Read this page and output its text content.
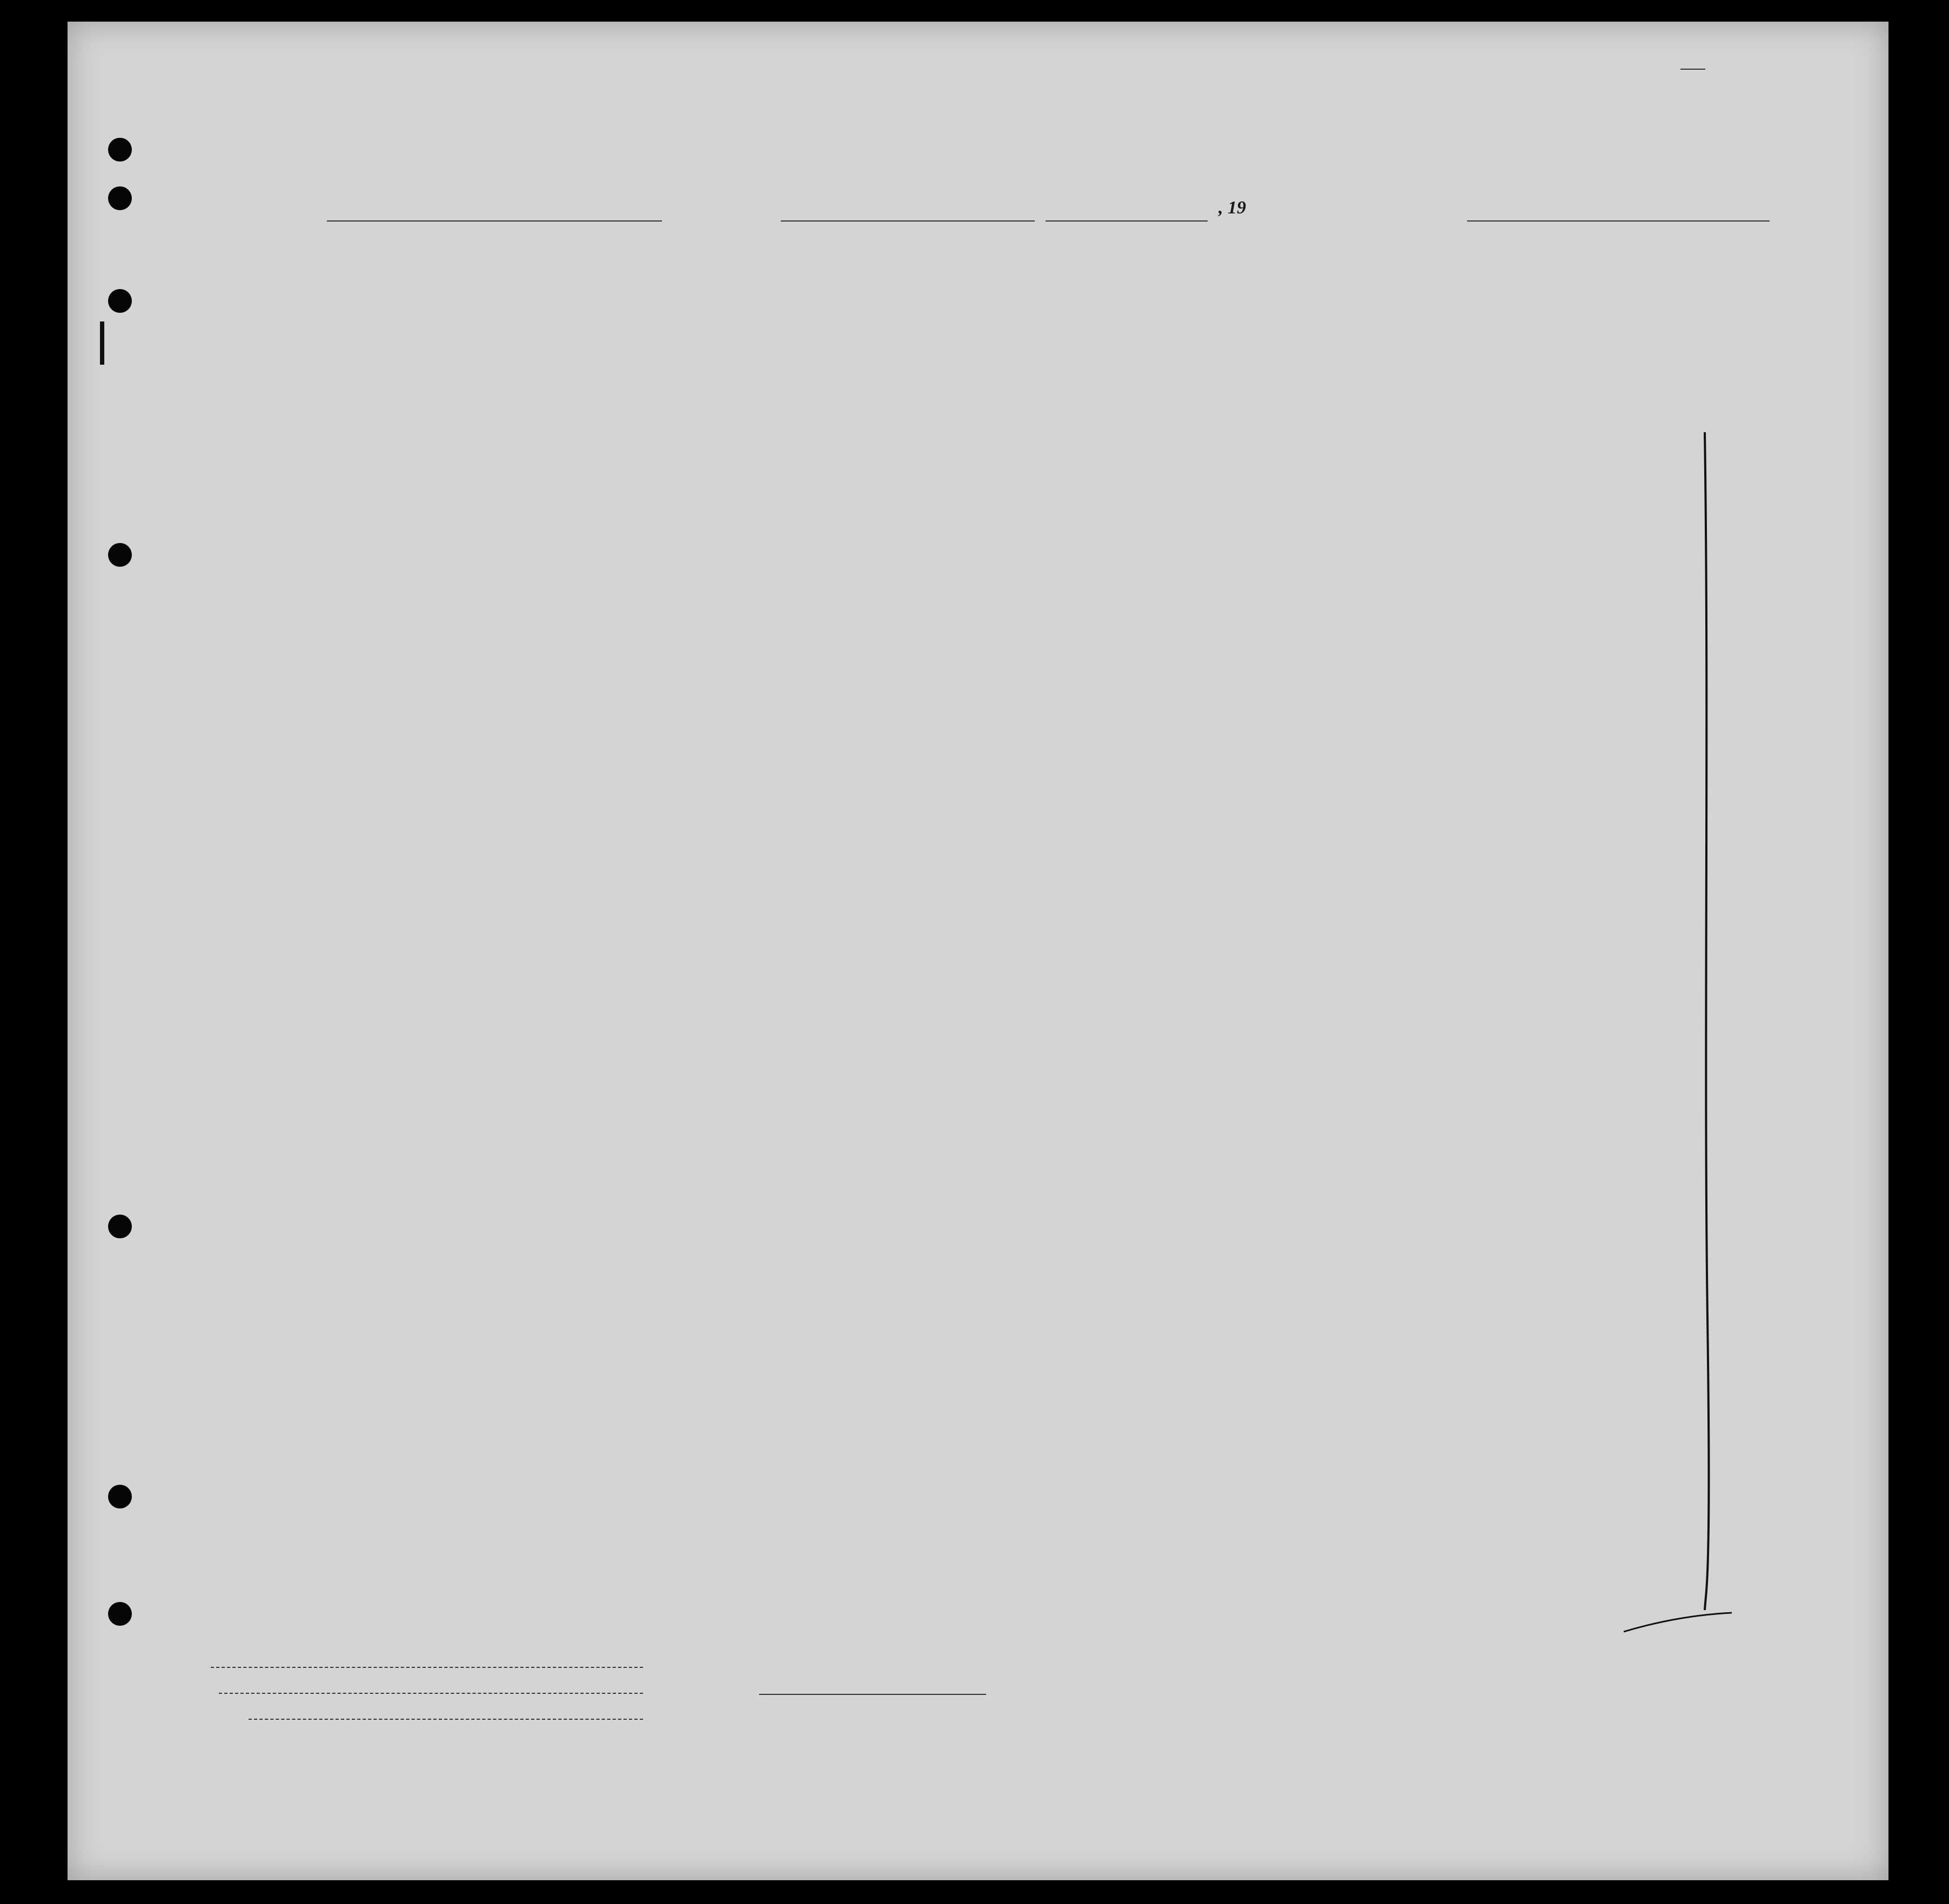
, 19
